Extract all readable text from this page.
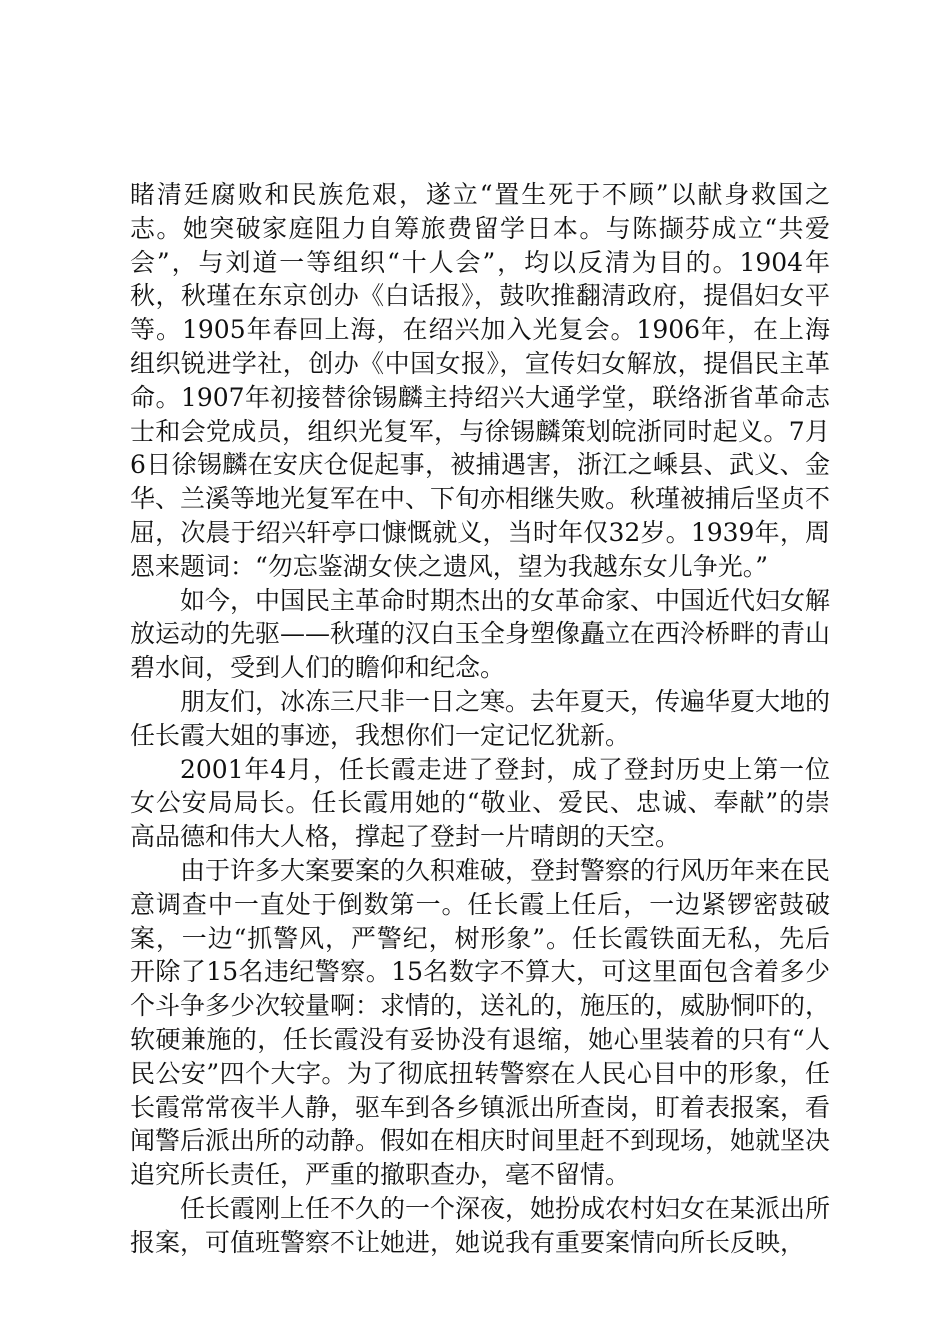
睹清廷腐败和民族危艰，遂立“置生死于不顾”以献身救国之志。她突破家庭阻力自筹旅费留学日本。与陈撷芬成立“共爱会”，与刘道一等组织“十人会”，均以反清为目的。1904年秋，秋瑾在东京创办《白话报》，鼓吹推翻清政府，提倡妇女平等。1905年春回上海，在绍兴加入光复会。1906年，在上海组织锐进学社，创办《中国女报》，宣传妇女解放，提倡民主革命。1907年初接替徐锡麟主持绍兴大通学堂，联络浙省革命志士和会党成员，组织光复军，与徐锡麟策划皖浙同时起义。7月6日徐锡麟在安庆仓促起事，被捕遇害，浙江之嵊县、武义、金华、兰溪等地光复军在中、下旬亦相继失败。秋瑾被捕后坚贞不屈，次晨于绍兴轩亭口慷慨就义，当时年仅32岁。1939年，周恩来题词：“勿忘鉴湖女侠之遗风，望为我越东女儿争光。”

如今，中国民主革命时期杰出的女革命家、中国近代妇女解放运动的先驱——秋瑾的汉白玉全身塑像矗立在西泠桥畔的青山碧水间，受到人们的瞻仰和纪念。

朋友们，冰冻三尺非一日之寒。去年夏天，传遍华夏大地的任长霞大姐的事迹，我想你们一定记忆犹新。

2001年4月，任长霞走进了登封，成了登封历史上第一位女公安局局长。任长霞用她的“敬业、爱民、忠诚、奉献”的崇高品德和伟大人格，撑起了登封一片晴朗的天空。

由于许多大案要案的久积难破，登封警察的行风历年来在民意调查中一直处于倒数第一。任长霞上任后，一边紧锣密鼓破案，一边“抓警风，严警纪，树形象”。任长霞铁面无私，先后开除了15名违纪警察。15名数字不算大，可这里面包含着多少个斗争多少次较量啊：求情的，送礼的，施压的，威胁恫吓的，软硬兼施的，任长霞没有妥协没有退缩，她心里装着的只有“人民公安”四个大字。为了彻底扭转警察在人民心目中的形象，任长霞常常夜半人静，驱车到各乡镇派出所查岗，盯着表报案，看闻警后派出所的动静。假如在相庆时间里赶不到现场，她就坚决追究所长责任，严重的撤职查办，毫不留情。

任长霞刚上任不久的一个深夜，她扮成农村妇女在某派出所报案，可值班警察不让她进，她说我有重要案情向所长反映，
